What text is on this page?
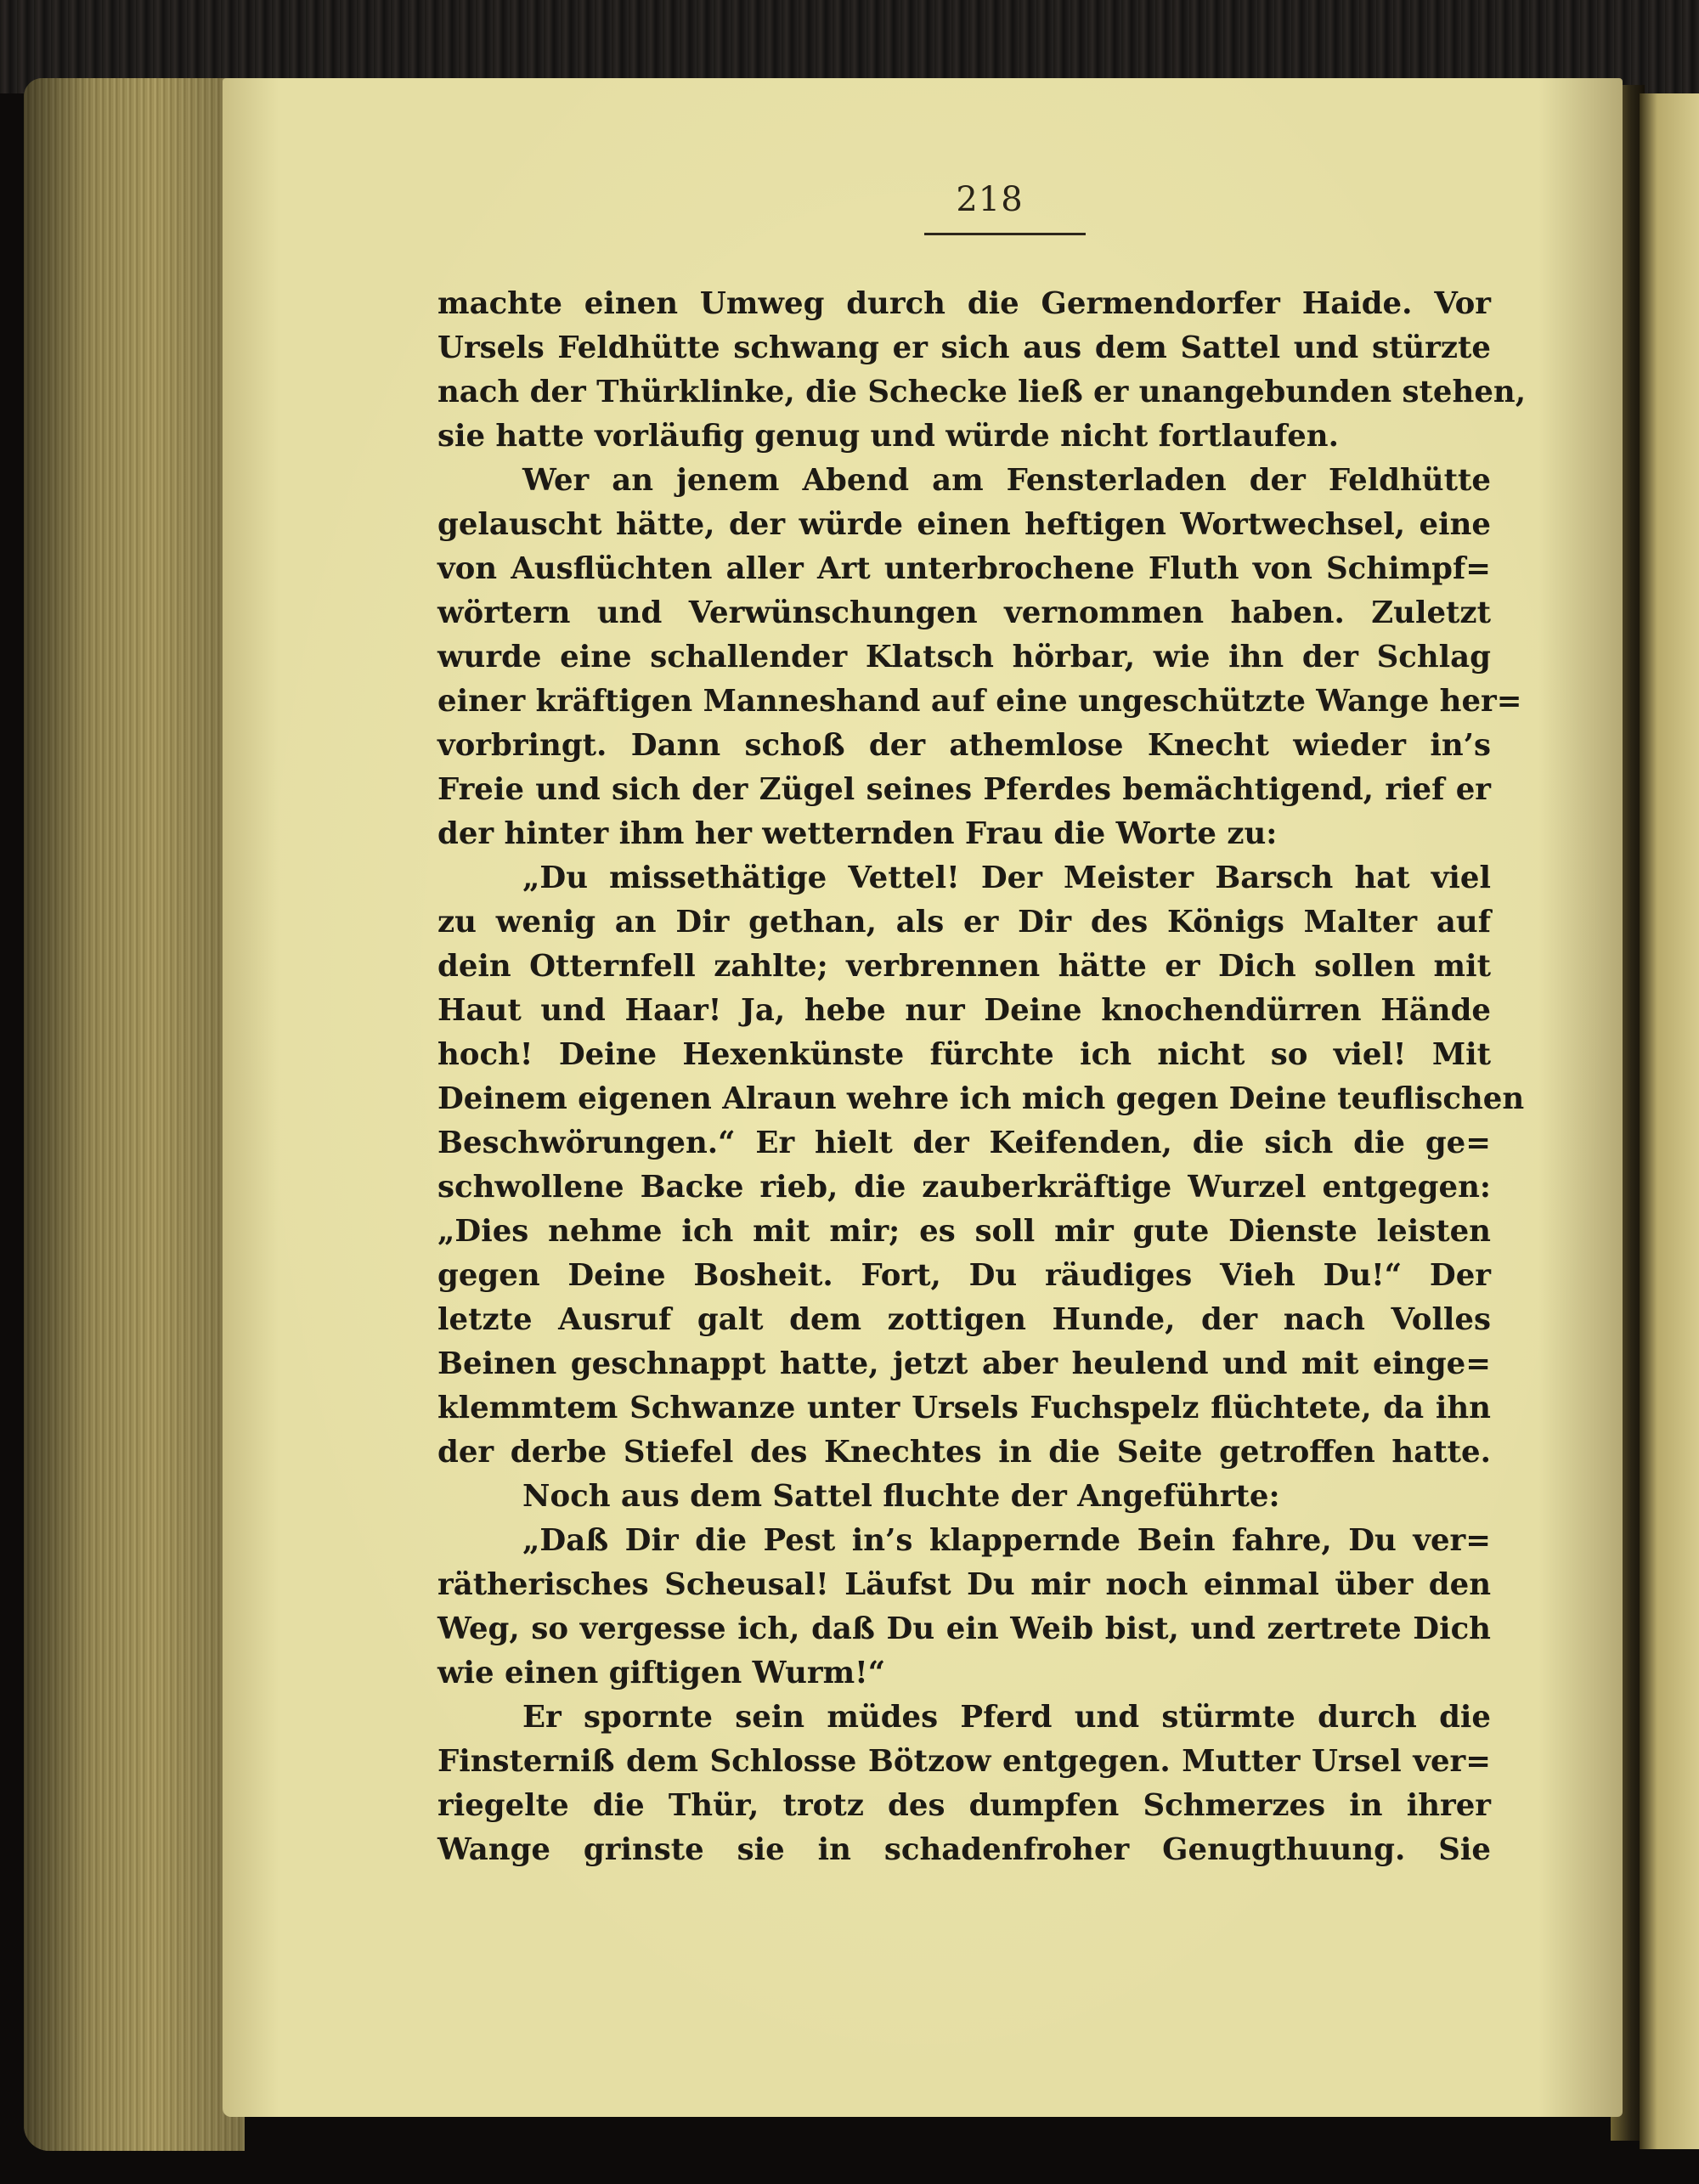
218
machte einen Umweg durch die Germendorfer Haide. Vor
Ursels Feldhütte schwang er sich aus dem Sattel und stürzte
nach der Thürklinke, die Schecke ließ er unangebunden stehen,
sie hatte vorläufig genug und würde nicht fortlaufen.
Wer an jenem Abend am Fensterladen der Feldhütte
gelauscht hätte, der würde einen heftigen Wortwechsel, eine
von Ausflüchten aller Art unterbrochene Fluth von Schimpf=
wörtern und Verwünschungen vernommen haben. Zuletzt
wurde eine schallender Klatsch hörbar, wie ihn der Schlag
einer kräftigen Manneshand auf eine ungeschützte Wange her=
vorbringt. Dann schoß der athemlose Knecht wieder in’s
Freie und sich der Zügel seines Pferdes bemächtigend, rief er
der hinter ihm her wetternden Frau die Worte zu:
„Du missethätige Vettel! Der Meister Barsch hat viel
zu wenig an Dir gethan, als er Dir des Königs Malter auf
dein Otternfell zahlte; verbrennen hätte er Dich sollen mit
Haut und Haar! Ja, hebe nur Deine knochendürren Hände
hoch! Deine Hexenkünste fürchte ich nicht so viel! Mit
Deinem eigenen Alraun wehre ich mich gegen Deine teuflischen
Beschwörungen.“ Er hielt der Keifenden, die sich die ge=
schwollene Backe rieb, die zauberkräftige Wurzel entgegen:
„Dies nehme ich mit mir; es soll mir gute Dienste leisten
gegen Deine Bosheit. Fort, Du räudiges Vieh Du!“ Der
letzte Ausruf galt dem zottigen Hunde, der nach Volles
Beinen geschnappt hatte, jetzt aber heulend und mit einge=
klemmtem Schwanze unter Ursels Fuchspelz flüchtete, da ihn
der derbe Stiefel des Knechtes in die Seite getroffen hatte.
Noch aus dem Sattel fluchte der Angeführte:
„Daß Dir die Pest in’s klappernde Bein fahre, Du ver=
rätherisches Scheusal! Läufst Du mir noch einmal über den
Weg, so vergesse ich, daß Du ein Weib bist, und zertrete Dich
wie einen giftigen Wurm!“
Er spornte sein müdes Pferd und stürmte durch die
Finsterniß dem Schlosse Bötzow entgegen. Mutter Ursel ver=
riegelte die Thür, trotz des dumpfen Schmerzes in ihrer
Wange grinste sie in schadenfroher Genugthuung. Sie
